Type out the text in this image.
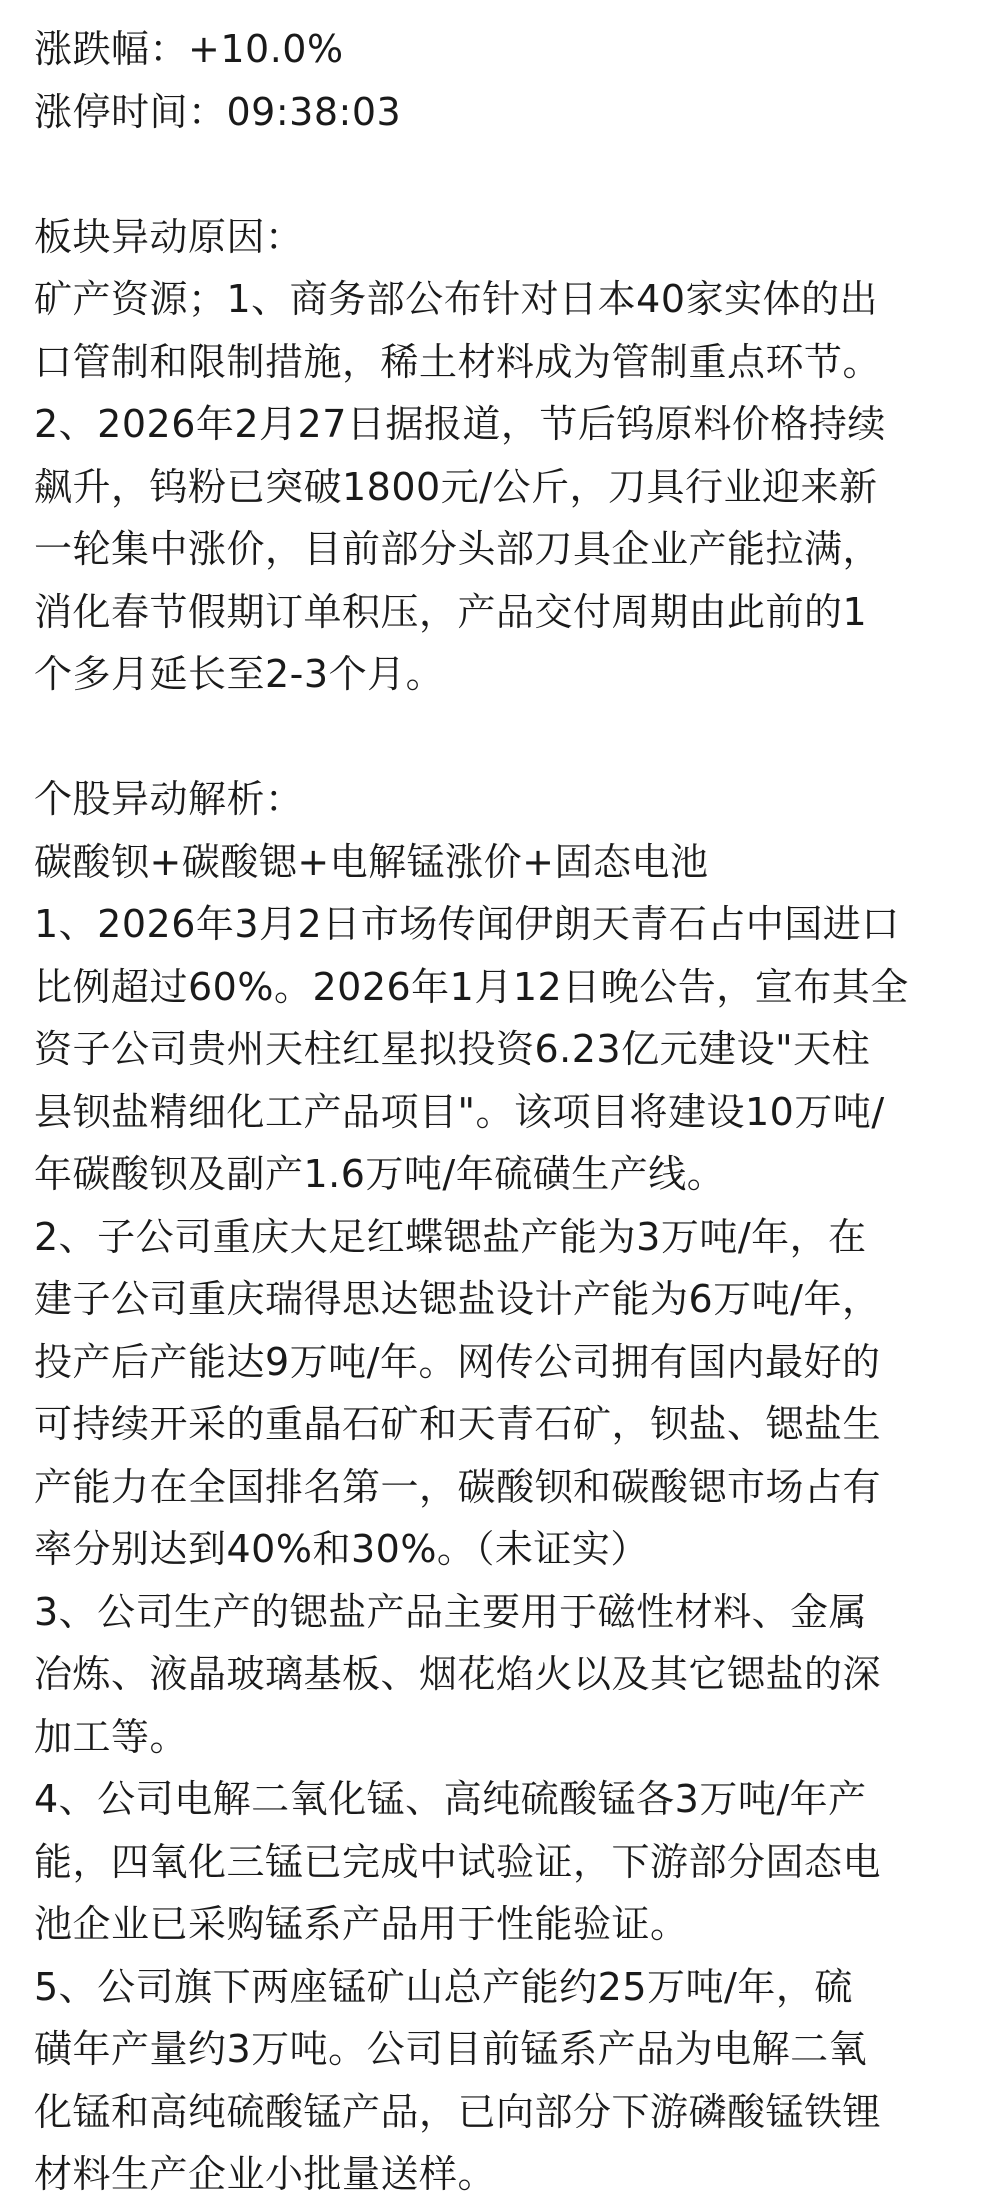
涨跌幅：+10.0%
涨停时间：09:38:03
板块异动原因：
矿产资源；1、商务部公布针对日本40家实体的出
口管制和限制措施，稀土材料成为管制重点环节。
2、2026年2月27日据报道，节后钨原料价格持续
飙升，钨粉已突破1800元/公斤，刀具行业迎来新
一轮集中涨价，目前部分头部刀具企业产能拉满，
消化春节假期订单积压，产品交付周期由此前的1
个多月延长至2-3个月。
个股异动解析：
碳酸钡+碳酸锶+电解锰涨价+固态电池
1、2026年3月2日市场传闻伊朗天青石占中国进口
比例超过60%。2026年1月12日晚公告，宣布其全
资子公司贵州天柱红星拟投资6.23亿元建设"天柱
县钡盐精细化工产品项目"。该项目将建设10万吨/
年碳酸钡及副产1.6万吨/年硫磺生产线。
2、子公司重庆大足红蝶锶盐产能为3万吨/年，在
建子公司重庆瑞得思达锶盐设计产能为6万吨/年，
投产后产能达9万吨/年。网传公司拥有国内最好的
可持续开采的重晶石矿和天青石矿，钡盐、锶盐生
产能力在全国排名第一，碳酸钡和碳酸锶市场占有
率分别达到40%和30%。（未证实）
3、公司生产的锶盐产品主要用于磁性材料、金属
冶炼、液晶玻璃基板、烟花焰火以及其它锶盐的深
加工等。
4、公司电解二氧化锰、高纯硫酸锰各3万吨/年产
能，四氧化三锰已完成中试验证，下游部分固态电
池企业已采购锰系产品用于性能验证。
5、公司旗下两座锰矿山总产能约25万吨/年，硫
磺年产量约3万吨。公司目前锰系产品为电解二氧
化锰和高纯硫酸锰产品，已向部分下游磷酸锰铁锂
材料生产企业小批量送样。
